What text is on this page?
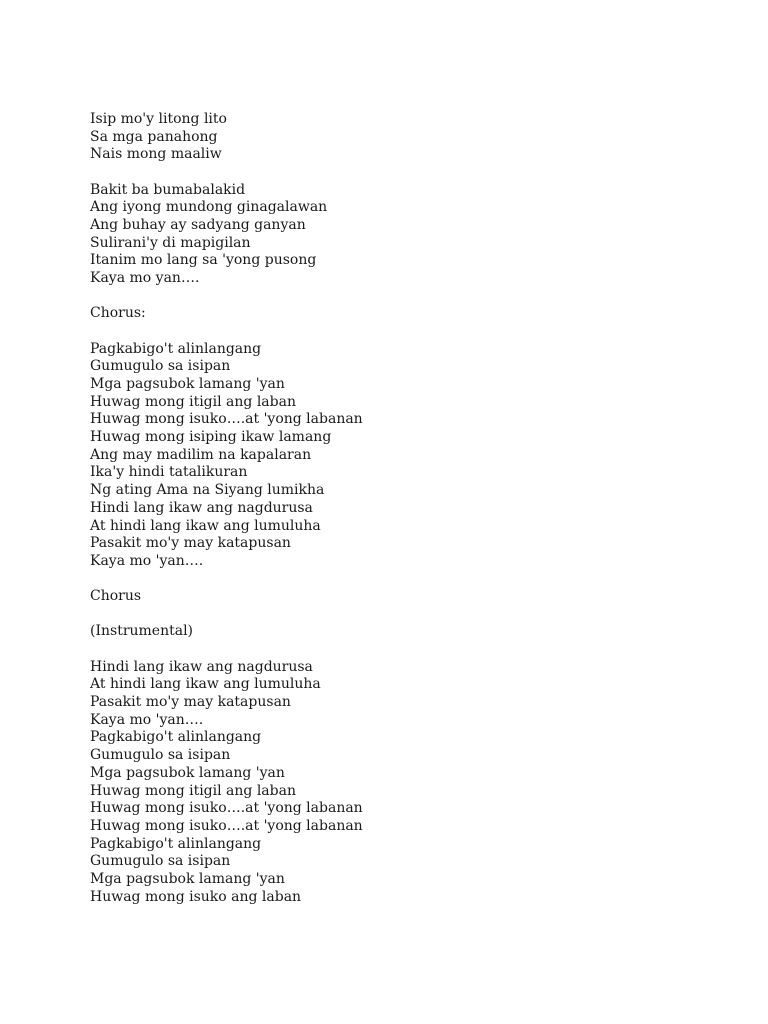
Isip mo'y litong lito
Sa mga panahong
Nais mong maaliw
Bakit ba bumabalakid
Ang iyong mundong ginagalawan
Ang buhay ay sadyang ganyan
Sulirani'y di mapigilan
Itanim mo lang sa 'yong pusong
Kaya mo yan….
Chorus:
Pagkabigo't alinlangang
Gumugulo sa isipan
Mga pagsubok lamang 'yan
Huwag mong itigil ang laban
Huwag mong isuko….at 'yong labanan
Huwag mong isiping ikaw lamang
Ang may madilim na kapalaran
Ika'y hindi tatalikuran
Ng ating Ama na Siyang lumikha
Hindi lang ikaw ang nagdurusa
At hindi lang ikaw ang lumuluha
Pasakit mo'y may katapusan
Kaya mo 'yan….
Chorus
(Instrumental)
Hindi lang ikaw ang nagdurusa
At hindi lang ikaw ang lumuluha
Pasakit mo'y may katapusan
Kaya mo 'yan….
Pagkabigo't alinlangang
Gumugulo sa isipan
Mga pagsubok lamang 'yan
Huwag mong itigil ang laban
Huwag mong isuko….at 'yong labanan
Huwag mong isuko….at 'yong labanan
Pagkabigo't alinlangang
Gumugulo sa isipan
Mga pagsubok lamang 'yan
Huwag mong isuko ang laban
